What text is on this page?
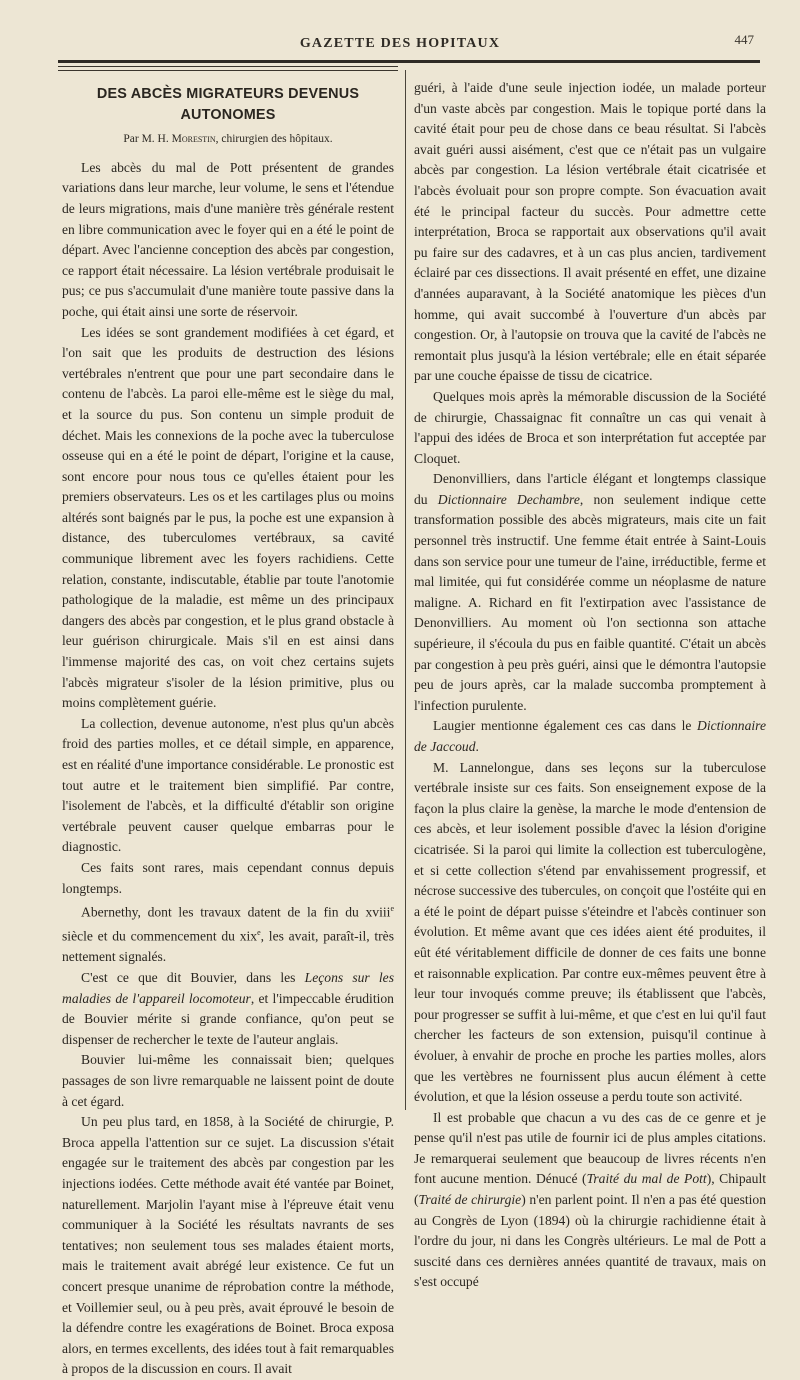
GAZETTE DES HOPITAUX	447
DES ABCÈS MIGRATEURS DEVENUS AUTONOMES
Par M. H. Morestin, chirurgien des hôpitaux.

Les abcès du mal de Pott présentent de grandes variations dans leur marche, leur volume, le sens et l'étendue de leurs migrations, mais d'une manière très générale restent en libre communication avec le foyer qui en a été le point de départ. Avec l'ancienne conception des abcès par congestion, ce rapport était nécessaire. La lésion vertébrale produisait le pus; ce pus s'accumulait d'une manière toute passive dans la poche, qui était ainsi une sorte de réservoir.

Les idées se sont grandement modifiées à cet égard, et l'on sait que les produits de destruction des lésions vertébrales n'entrent que pour une part secondaire dans le contenu de l'abcès. La paroi elle-même est le siège du mal, et la source du pus. Son contenu un simple produit de déchet. Mais les connexions de la poche avec la tuberculose osseuse qui en a été le point de départ, l'origine et la cause, sont encore pour nous tous ce qu'elles étaient pour les premiers observateurs. Les os et les cartilages plus ou moins altérés sont baignés par le pus, la poche est une expansion à distance, des tuberculomes vertébraux, sa cavité communique librement avec les foyers rachidiens. Cette relation, constante, indiscutable, établie par toute l'anotomie pathologique de la maladie, est même un des principaux dangers des abcès par congestion, et le plus grand obstacle à leur guérison chirurgicale. Mais s'il en est ainsi dans l'immense majorité des cas, on voit chez certains sujets l'abcès migrateur s'isoler de la lésion primitive, plus ou moins complètement guérie.

La collection, devenue autonome, n'est plus qu'un abcès froid des parties molles, et ce détail simple, en apparence, est en réalité d'une importance considérable. Le pronostic est tout autre et le traitement bien simplifié. Par contre, l'isolement de l'abcès, et la difficulté d'établir son origine vertébrale peuvent causer quelque embarras pour le diagnostic.

Ces faits sont rares, mais cependant connus depuis longtemps.

Abernethy, dont les travaux datent de la fin du xviii$^e$ siècle et du commencement du xix$^e$, les avait, paraît-il, très nettement signalés.

C'est ce que dit Bouvier, dans les Leçons sur les maladies de l'appareil locomoteur, et l'impeccable érudition de Bouvier mérite si grande confiance, qu'on peut se dispenser de rechercher le texte de l'auteur anglais.

Bouvier lui-même les connaissait bien; quelques passages de son livre remarquable ne laissent point de doute à cet égard.

Un peu plus tard, en 1858, à la Société de chirurgie, P. Broca appella l'attention sur ce sujet. La discussion s'était engagée sur le traitement des abcès par congestion par les injections iodées. Cette méthode avait été vantée par Boinet, naturellement. Marjolin l'ayant mise à l'épreuve était venu communiquer à la Société les résultats navrants de ses tentatives; non seulement tous ses malades étaient morts, mais le traitement avait abrégé leur existence. Ce fut un concert presque unanime de réprobation contre la méthode, et Voillemier seul, ou à peu près, avait éprouvé le besoin de la défendre contre les exagérations de Boinet. Broca exposa alors, en termes excellents, des idées tout à fait remarquables à propos de la discussion en cours. Il avait

guéri, à l'aide d'une seule injection iodée, un malade porteur d'un vaste abcès par congestion. Mais le topique porté dans la cavité était pour peu de chose dans ce beau résultat. Si l'abcès avait guéri aussi aisément, c'est que ce n'était pas un vulgaire abcès par congestion. La lésion vertébrale était cicatrisée et l'abcès évoluait pour son propre compte. Son évacuation avait été le principal facteur du succès. Pour admettre cette interprétation, Broca se rapportait aux observations qu'il avait pu faire sur des cadavres, et à un cas plus ancien, tardivement éclairé par ces dissections. Il avait présenté en effet, une dizaine d'années auparavant, à la Société anatomique les pièces d'un homme, qui avait succombé à l'ouverture d'un abcès par congestion. Or, à l'autopsie on trouva que la cavité de l'abcès ne remontait plus jusqu'à la lésion vertébrale; elle en était séparée par une couche épaisse de tissu de cicatrice.

Quelques mois après la mémorable discussion de la Société de chirurgie, Chassaignac fit connaître un cas qui venait à l'appui des idées de Broca et son interprétation fut acceptée par Cloquet.

Denonvilliers, dans l'article élégant et longtemps classique du Dictionnaire Dechambre, non seulement indique cette transformation possible des abcès migrateurs, mais cite un fait personnel très instructif. Une femme était entrée à Saint-Louis dans son service pour une tumeur de l'aine, irréductible, ferme et mal limitée, qui fut considérée comme un néoplasme de nature maligne. A. Richard en fit l'extirpation avec l'assistance de Denonvilliers. Au moment où l'on sectionna son attache supérieure, il s'écoula du pus en faible quantité. C'était un abcès par congestion à peu près guéri, ainsi que le démontra l'autopsie peu de jours après, car la malade succomba promptement à l'infection purulente.

Laugier mentionne également ces cas dans le Dictionnaire de Jaccoud.

M. Lannelongue, dans ses leçons sur la tuberculose vertébrale insiste sur ces faits. Son enseignement expose de la façon la plus claire la genèse, la marche le mode d'entension de ces abcès, et leur isolement possible d'avec la lésion d'origine cicatrisée. Si la paroi qui limite la collection est tuberculogène, et si cette collection s'étend par envahissement progressif, et nécrose successive des tubercules, on conçoit que l'ostéite qui en a été le point de départ puisse s'éteindre et l'abcès continuer son évolution. Et même avant que ces idées aient été produites, il eût été véritablement difficile de donner de ces faits une bonne et raisonnable explication. Par contre eux-mêmes peuvent être à leur tour invoqués comme preuve; ils établissent que l'abcès, pour progresser se suffit à lui-même, et que c'est en lui qu'il faut chercher les facteurs de son extension, puisqu'il continue à évoluer, à envahir de proche en proche les parties molles, alors que les vertèbres ne fournissent plus aucun élément à cette évolution, et que la lésion osseuse a perdu toute son activité.

Il est probable que chacun a vu des cas de ce genre et je pense qu'il n'est pas utile de fournir ici de plus amples citations. Je remarquerai seulement que beaucoup de livres récents n'en font aucune mention. Dénucé (Traité du mal de Pott), Chipault (Traité de chirurgie) n'en parlent point. Il n'en a pas été question au Congrès de Lyon (1894) où la chirurgie rachidienne était à l'ordre du jour, ni dans les Congrès ultérieurs. Le mal de Pott a suscité dans ces dernières années quantité de travaux, mais on s'est occupé
